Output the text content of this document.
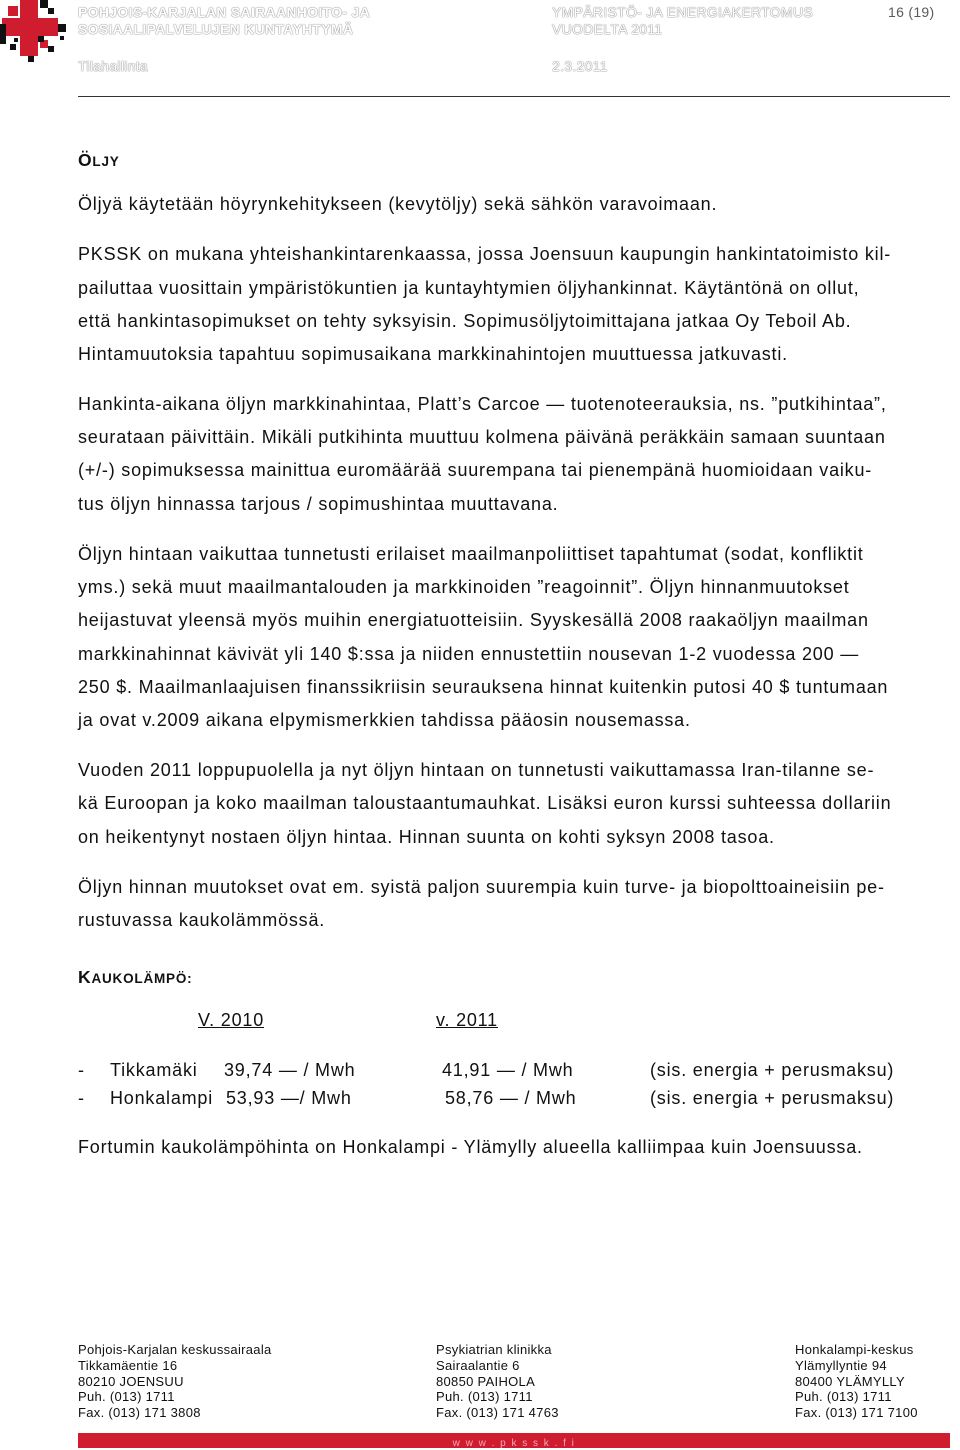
POHJOIS-KARJALAN SAIRAANHOITO- JA
SOSIAALIPALVELUJEN KUNTAYHTYMÄ
YMPÄRISTÖ- JA ENERGIAKERTOMUS
VUODELTA 2011
16 (19)
Tilahallinta	2.3.2011
ÖLJY
Öljyä käytetään höyrynkehitykseen (kevytöljy) sekä sähkön varavoimaan.
PKSSK on mukana yhteishankintarenkaassa, jossa Joensuun kaupungin hankintatoimisto kil-
pailuttaa vuosittain ympäristökuntien ja kuntayhtymien öljyhankinnat. Käytäntönä on ollut,
että hankintasopimukset on tehty syksyisin. Sopimusöljytoimittajana jatkaa Oy Teboil Ab.
Hintamuutoksia tapahtuu sopimusaikana markkinahintojen muuttuessa jatkuvasti.
Hankinta-aikana öljyn markkinahintaa, Platt’s Carcoe — tuotenoteerauksia, ns. ”putkihintaa”,
seurataan päivittäin. Mikäli putkihinta muuttuu kolmena päivänä peräkkäin samaan suuntaan
(+/-) sopimuksessa mainittua euromäärää suurempana tai pienempänä huomioidaan vaiku-
tus öljyn hinnassa tarjous / sopimushintaa muuttavana.
Öljyn hintaan vaikuttaa tunnetusti erilaiset maailmanpoliittiset tapahtumat (sodat, konfliktit
yms.) sekä muut maailmantalouden ja markkinoiden ”reagoinnit”. Öljyn hinnanmuutokset
heijastuvat yleensä myös muihin energiatuotteisiin. Syyskesällä 2008 raakaöljyn maailman
markkinahinnat kävivät yli 140 $:ssa ja niiden ennustettiin nousevan 1-2 vuodessa 200 —
250 $. Maailmanlaajuisen finanssikriisin seurauksena hinnat kuitenkin putosi 40 $ tuntumaan
ja ovat v.2009 aikana elpymismerkkien tahdissa pääosin nousemassa.
Vuoden 2011 loppupuolella ja nyt öljyn hintaan on tunnetusti vaikuttamassa Iran-tilanne se-
kä Euroopan ja koko maailman taloustaantumauhkat. Lisäksi euron kurssi suhteessa dollariin
on heikentynyt nostaen öljyn hintaa. Hinnan suunta on kohti syksyn 2008 tasoa.
Öljyn hinnan muutokset ovat em. syistä paljon suurempia kuin turve- ja biopolttoaineisiin pe-
rustuvassa kaukolämmössä.
KAUKOLÄMPÖ:
V. 2010	v. 2011
- Tikkamäki 39,74 — / Mwh	41,91 — / Mwh	(sis. energia + perusmaksu)
- Honkalampi 53,93 —/ Mwh	58,76 — / Mwh	(sis. energia + perusmaksu)
Fortumin kaukolämpöhinta on Honkalampi - Ylämylly alueella kalliimpaa kuin Joensuussa.
Pohjois-Karjalan keskussairaala
Tikkamäentie 16
80210 JOENSUU
Puh. (013) 1711
Fax. (013) 171 3808
Psykiatrian klinikka
Sairaalantie 6
80850 PAIHOLA
Puh. (013) 1711
Fax. (013) 171 4763
Honkalampi-keskus
Ylämyllyntie 94
80400 YLÄMYLLY
Puh. (013) 1711
Fax. (013) 171 7100
w w w . p k s s k . f i
